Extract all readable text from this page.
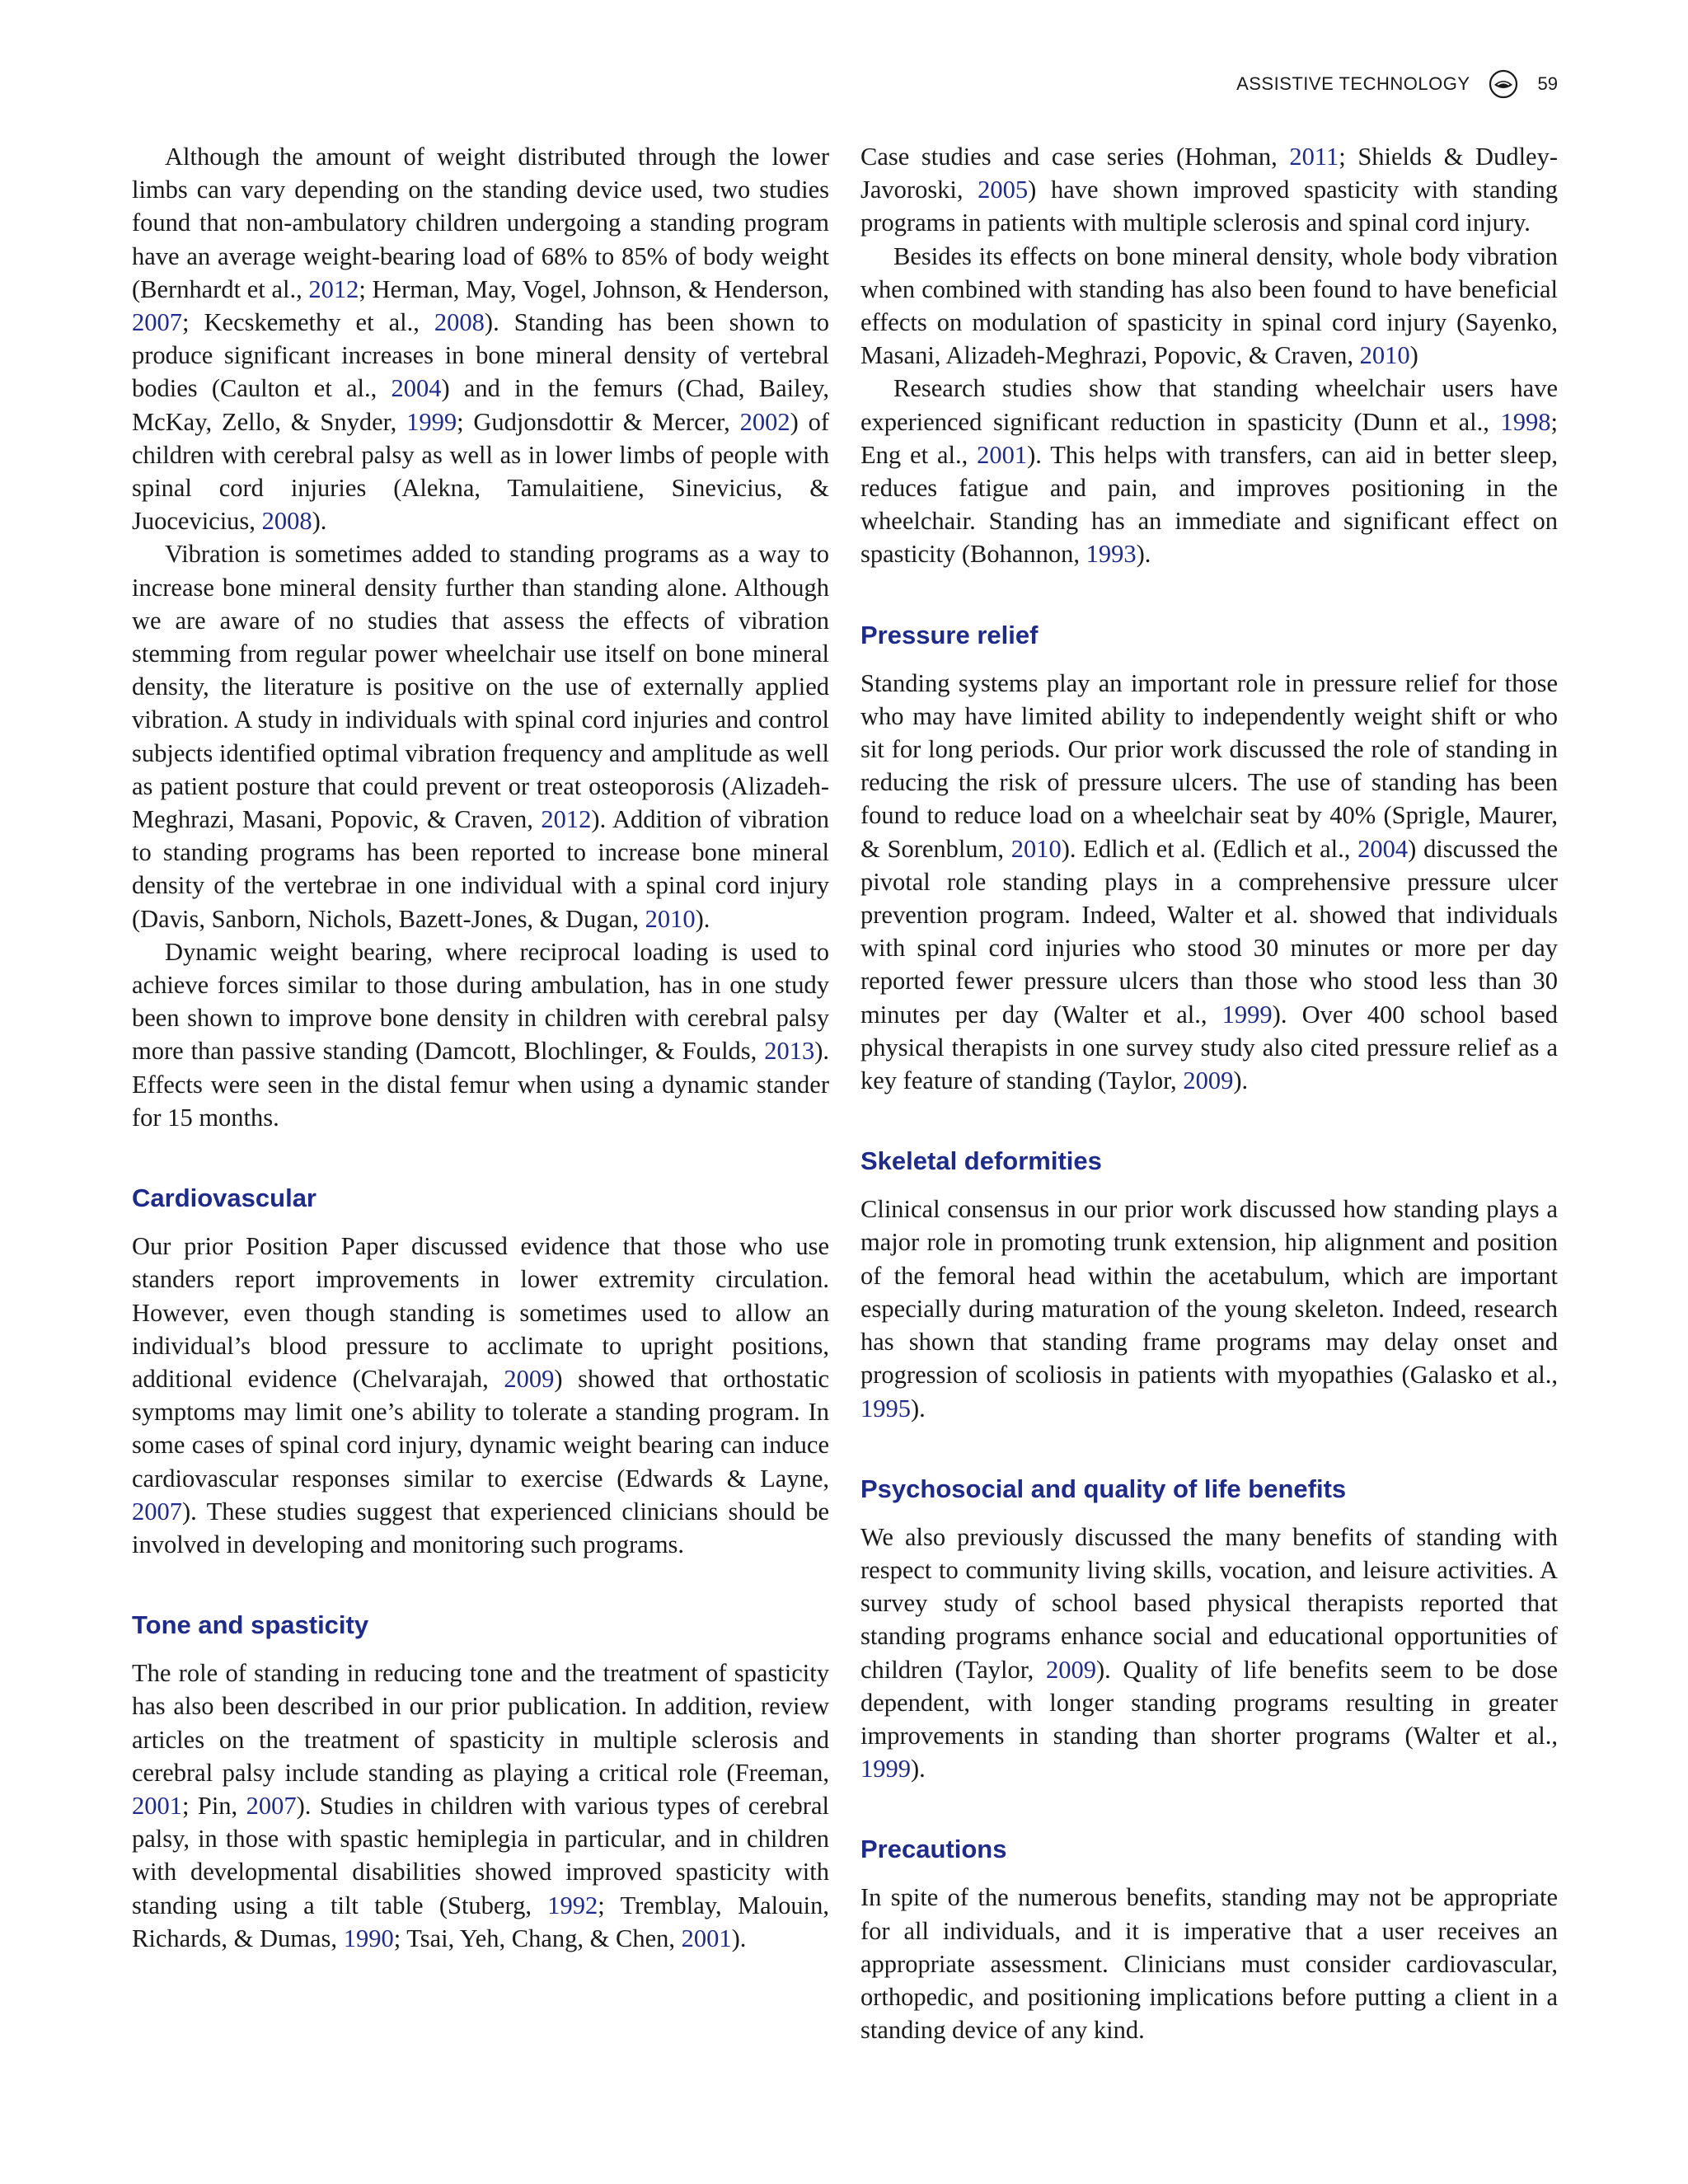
ASSISTIVE TECHNOLOGY	59

Although the amount of weight distributed through the lower limbs can vary depending on the standing device used, two studies found that non-ambulatory children undergoing a standing program have an average weight-bearing load of 68% to 85% of body weight (Bernhardt et al., 2012; Herman, May, Vogel, Johnson, & Henderson, 2007; Kecskemethy et al., 2008). Standing has been shown to produce significant increases in bone mineral density of vertebral bodies (Caulton et al., 2004) and in the femurs (Chad, Bailey, McKay, Zello, & Snyder, 1999; Gudjonsdottir & Mercer, 2002) of children with cerebral palsy as well as in lower limbs of people with spinal cord injuries (Alekna, Tamulaitiene, Sinevicius, & Juocevicius, 2008).

Vibration is sometimes added to standing programs as a way to increase bone mineral density further than standing alone. Although we are aware of no studies that assess the effects of vibration stemming from regular power wheelchair use itself on bone mineral density, the literature is positive on the use of externally applied vibration. A study in individuals with spinal cord injuries and control subjects identified optimal vibration frequency and amplitude as well as patient posture that could prevent or treat osteoporosis (Alizadeh-Meghrazi, Masani, Popovic, & Craven, 2012). Addition of vibration to standing programs has been reported to increase bone mineral density of the vertebrae in one individual with a spinal cord injury (Davis, Sanborn, Nichols, Bazett-Jones, & Dugan, 2010).

Dynamic weight bearing, where reciprocal loading is used to achieve forces similar to those during ambulation, has in one study been shown to improve bone density in children with cerebral palsy more than passive standing (Damcott, Blochlinger, & Foulds, 2013). Effects were seen in the distal femur when using a dynamic stander for 15 months.

Cardiovascular

Our prior Position Paper discussed evidence that those who use standers report improvements in lower extremity circulation. However, even though standing is sometimes used to allow an individual’s blood pressure to acclimate to upright positions, additional evidence (Chelvarajah, 2009) showed that orthostatic symptoms may limit one’s ability to tolerate a standing program. In some cases of spinal cord injury, dynamic weight bearing can induce cardiovascular responses similar to exercise (Edwards & Layne, 2007). These studies suggest that experienced clinicians should be involved in developing and monitoring such programs.

Tone and spasticity

The role of standing in reducing tone and the treatment of spasticity has also been described in our prior publication. In addition, review articles on the treatment of spasticity in multiple sclerosis and cerebral palsy include standing as playing a critical role (Freeman, 2001; Pin, 2007). Studies in children with various types of cerebral palsy, in those with spastic hemiplegia in particular, and in children with developmental disabilities showed improved spasticity with standing using a tilt table (Stuberg, 1992; Tremblay, Malouin, Richards, & Dumas, 1990; Tsai, Yeh, Chang, & Chen, 2001).

Case studies and case series (Hohman, 2011; Shields & Dudley-Javoroski, 2005) have shown improved spasticity with standing programs in patients with multiple sclerosis and spinal cord injury.

Besides its effects on bone mineral density, whole body vibration when combined with standing has also been found to have beneficial effects on modulation of spasticity in spinal cord injury (Sayenko, Masani, Alizadeh-Meghrazi, Popovic, & Craven, 2010)

Research studies show that standing wheelchair users have experienced significant reduction in spasticity (Dunn et al., 1998; Eng et al., 2001). This helps with transfers, can aid in better sleep, reduces fatigue and pain, and improves positioning in the wheelchair. Standing has an immediate and significant effect on spasticity (Bohannon, 1993).

Pressure relief

Standing systems play an important role in pressure relief for those who may have limited ability to independently weight shift or who sit for long periods. Our prior work discussed the role of standing in reducing the risk of pressure ulcers. The use of standing has been found to reduce load on a wheelchair seat by 40% (Sprigle, Maurer, & Sorenblum, 2010). Edlich et al. (Edlich et al., 2004) discussed the pivotal role standing plays in a comprehensive pressure ulcer prevention program. Indeed, Walter et al. showed that individuals with spinal cord injuries who stood 30 minutes or more per day reported fewer pressure ulcers than those who stood less than 30 minutes per day (Walter et al., 1999). Over 400 school based physical therapists in one survey study also cited pressure relief as a key feature of standing (Taylor, 2009).

Skeletal deformities

Clinical consensus in our prior work discussed how standing plays a major role in promoting trunk extension, hip alignment and position of the femoral head within the acetabulum, which are important especially during maturation of the young skeleton. Indeed, research has shown that standing frame programs may delay onset and progression of scoliosis in patients with myopathies (Galasko et al., 1995).

Psychosocial and quality of life benefits

We also previously discussed the many benefits of standing with respect to community living skills, vocation, and leisure activities. A survey study of school based physical therapists reported that standing programs enhance social and educational opportunities of children (Taylor, 2009). Quality of life benefits seem to be dose dependent, with longer standing programs resulting in greater improvements in standing than shorter programs (Walter et al., 1999).

Precautions

In spite of the numerous benefits, standing may not be appropriate for all individuals, and it is imperative that a user receives an appropriate assessment. Clinicians must consider cardiovascular, orthopedic, and positioning implications before putting a client in a standing device of any kind.
